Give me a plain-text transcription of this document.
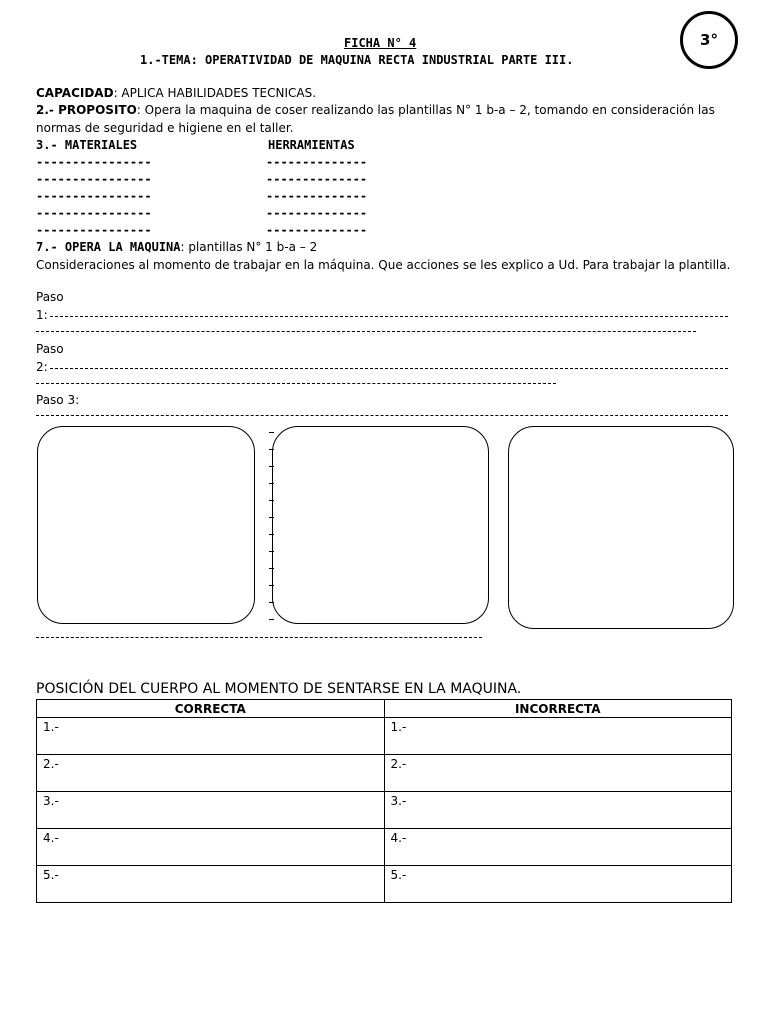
FICHA N° 4
1.-TEMA: OPERATIVIDAD DE MAQUINA RECTA INDUSTRIAL PARTE III.
3°
CAPACIDAD: APLICA HABILIDADES TECNICAS.
2.- PROPOSITO: Opera la maquina de coser realizando las plantillas N° 1 b-a – 2, tomando en consideración las
normas de seguridad e higiene en el taller.
3.- MATERIALES	HERRAMIENTAS
----------------	--------------
----------------	--------------
----------------	--------------
----------------	--------------
----------------	--------------
7.- OPERA LA MAQUINA: plantillas N° 1 b-a – 2
Consideraciones al momento de trabajar en la máquina. Que acciones se les explico a Ud. Para trabajar la plantilla.
Paso
1:
Paso
2:
Paso 3:
POSICIÓN DEL CUERPO AL MOMENTO DE SENTARSE EN LA MAQUINA.
CORRECTA	INCORRECTA
1.-	1.-
2.-	2.-
3.-	3.-
4.-	4.-
5.-	5.-
